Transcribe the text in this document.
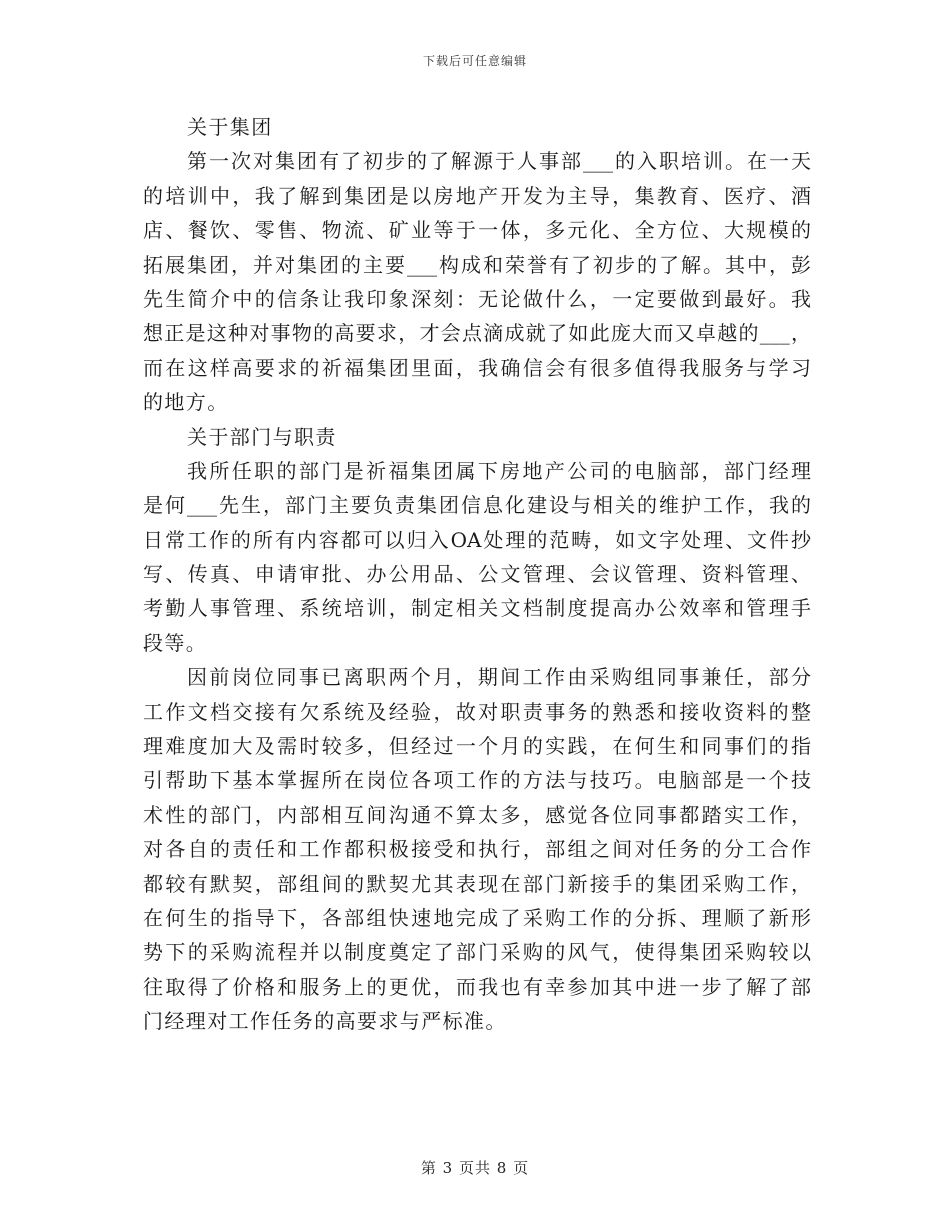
下载后可任意编辑
关于集团
第一次对集团有了初步的了解源于人事部___的入职培训。在一天
的培训中，我了解到集团是以房地产开发为主导，集教育、医疗、酒
店、餐饮、零售、物流、矿业等于一体，多元化、全方位、大规模的
拓展集团，并对集团的主要___构成和荣誉有了初步的了解。其中，彭
先生简介中的信条让我印象深刻：无论做什么，一定要做到最好。我
想正是这种对事物的高要求，才会点滴成就了如此庞大而又卓越的___，
而在这样高要求的祈福集团里面，我确信会有很多值得我服务与学习
的地方。
关于部门与职责
我所任职的部门是祈福集团属下房地产公司的电脑部，部门经理
是何___先生，部门主要负责集团信息化建设与相关的维护工作，我的
日常工作的所有内容都可以归入OA处理的范畴，如文字处理、文件抄
写、传真、申请审批、办公用品、公文管理、会议管理、资料管理、
考勤人事管理、系统培训，制定相关文档制度提高办公效率和管理手
段等。
因前岗位同事已离职两个月，期间工作由采购组同事兼任，部分
工作文档交接有欠系统及经验，故对职责事务的熟悉和接收资料的整
理难度加大及需时较多，但经过一个月的实践，在何生和同事们的指
引帮助下基本掌握所在岗位各项工作的方法与技巧。电脑部是一个技
术性的部门，内部相互间沟通不算太多，感觉各位同事都踏实工作，
对各自的责任和工作都积极接受和执行，部组之间对任务的分工合作
都较有默契，部组间的默契尤其表现在部门新接手的集团采购工作，
在何生的指导下，各部组快速地完成了采购工作的分拆、理顺了新形
势下的采购流程并以制度奠定了部门采购的风气，使得集团采购较以
往取得了价格和服务上的更优，而我也有幸参加其中进一步了解了部
门经理对工作任务的高要求与严标准。
第 3 页共 8 页
